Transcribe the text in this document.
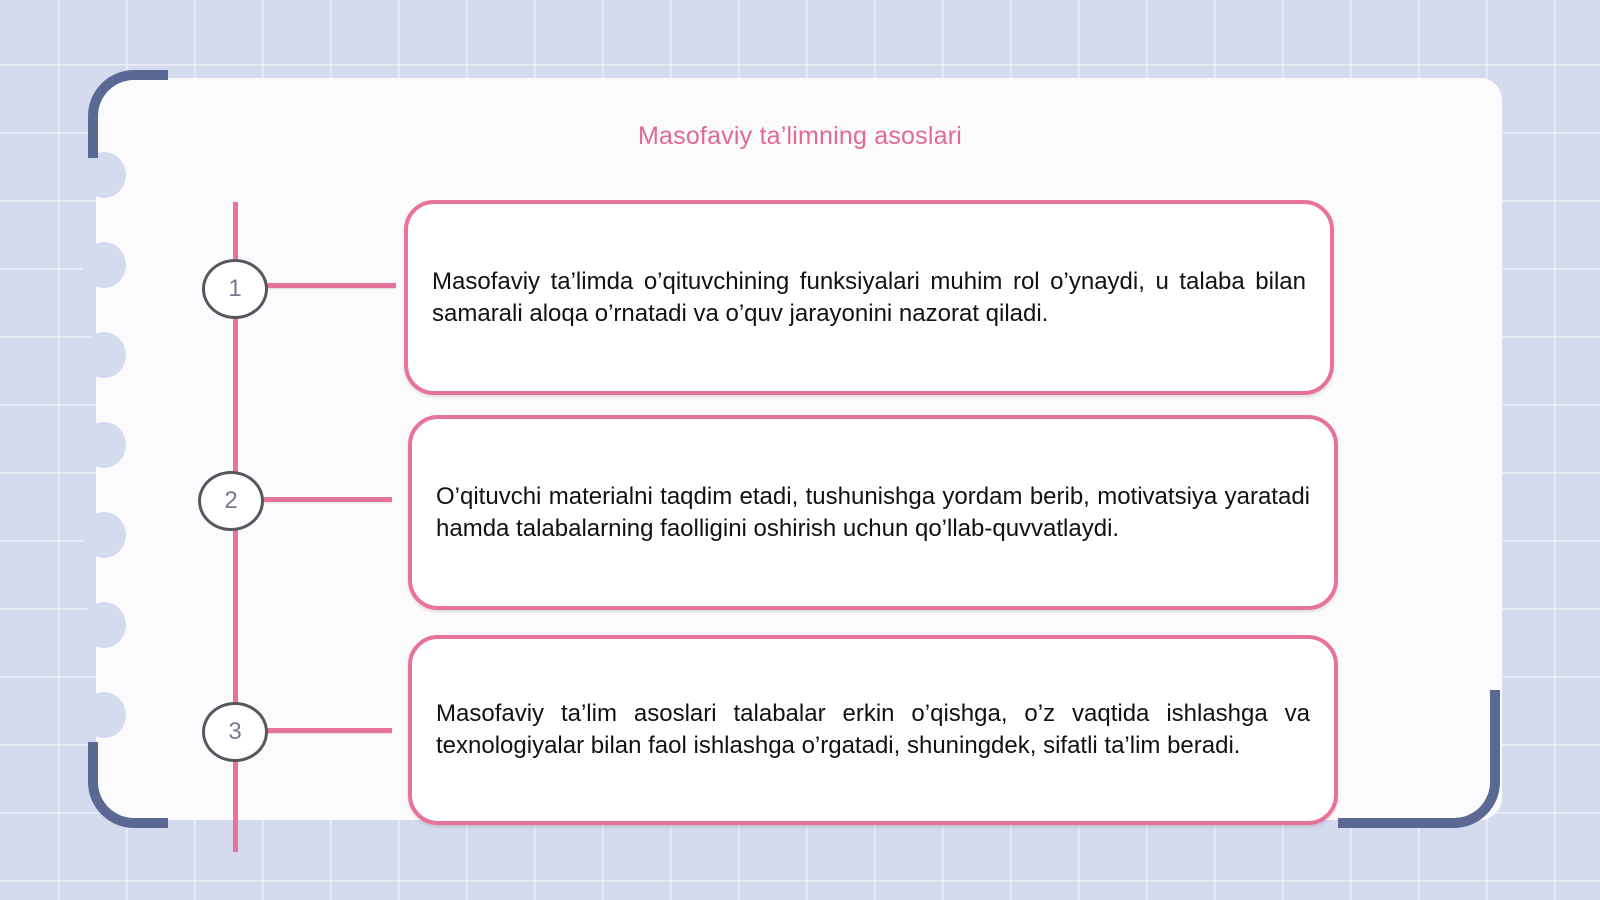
Masofaviy ta’limning asoslari
1
2
3
Masofaviy ta’limda o’qituvchining funksiyalari muhim rol o’ynaydi, u talaba bilan samarali aloqa o’rnatadi va o’quv jarayonini nazorat qiladi.
O’qituvchi materialni taqdim etadi, tushunishga yordam berib, motivatsiya yaratadi hamda talabalarning faolligini oshirish uchun qo’llab-quvvatlaydi.
Masofaviy ta’lim asoslari talabalar erkin o’qishga, o’z vaqtida ishlashga va texnologiyalar bilan faol ishlashga o’rgatadi, shuningdek, sifatli ta’lim beradi.
